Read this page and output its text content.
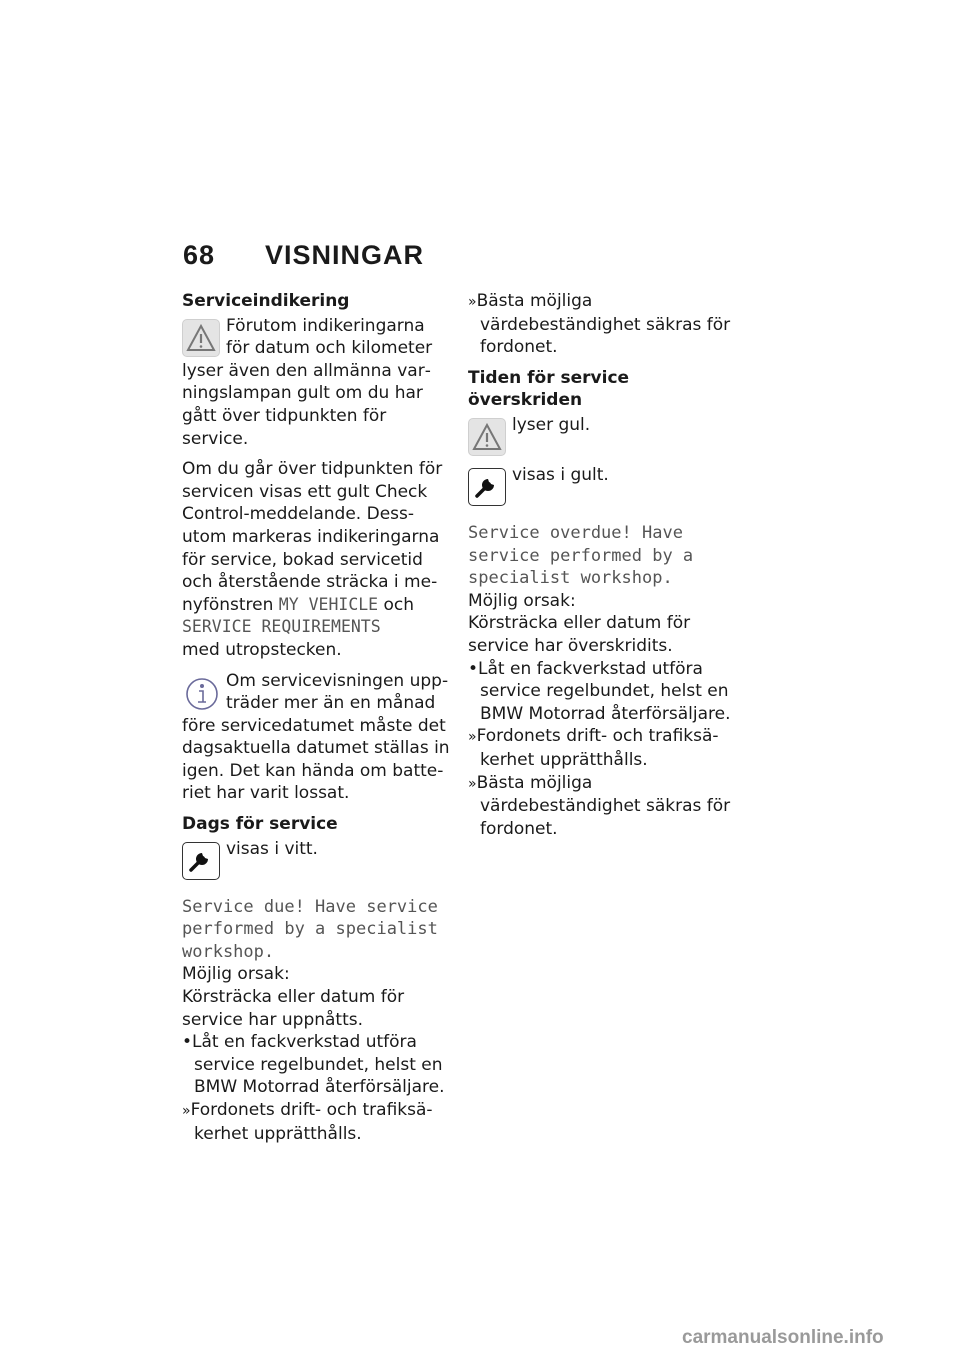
68 VISNINGAR
Serviceindikering
Förutom indikeringarna för datum och kilometer

lyser även den allmänna varningslampan gult om du har gått över tidpunkten för service.

Om du går över tidpunkten för servicen visas ett gult Check Control-meddelande. Dessutom markeras indikeringarna för service, bokad servicetid och återstående sträcka i menyfönstren MY VEHICLE och
SERVICE REQUIREMENTS
med utropstecken.

Om servicevisningen uppträder mer än en månad

före servicedatumet måste det dagsaktuella datumet ställas in igen. Det kan hända om batteriet har varit lossat.

Dags för service
visas i vitt.
Service due! Have service performed by a specialist workshop.
Möjlig orsak:
Körsträcka eller datum för service har uppnåtts.
• Låt en fackverkstad utföra service regelbundet, helst en BMW Motorrad återförsäljare.
» Fordonets drift- och trafiksäkerhet upprätthålls.
» Bästa möjliga värdebeständighet säkras för fordonet.
Tiden för service överskriden
lyser gul.
visas i gult.
Service overdue! Have service performed by a specialist workshop.
Möjlig orsak:
Körsträcka eller datum för service har överskridits.
• Låt en fackverkstad utföra service regelbundet, helst en BMW Motorrad återförsäljare.
» Fordonets drift- och trafiksäkerhet upprätthålls.
» Bästa möjliga värdebeständighet säkras för fordonet.
carmanualsonline.info
